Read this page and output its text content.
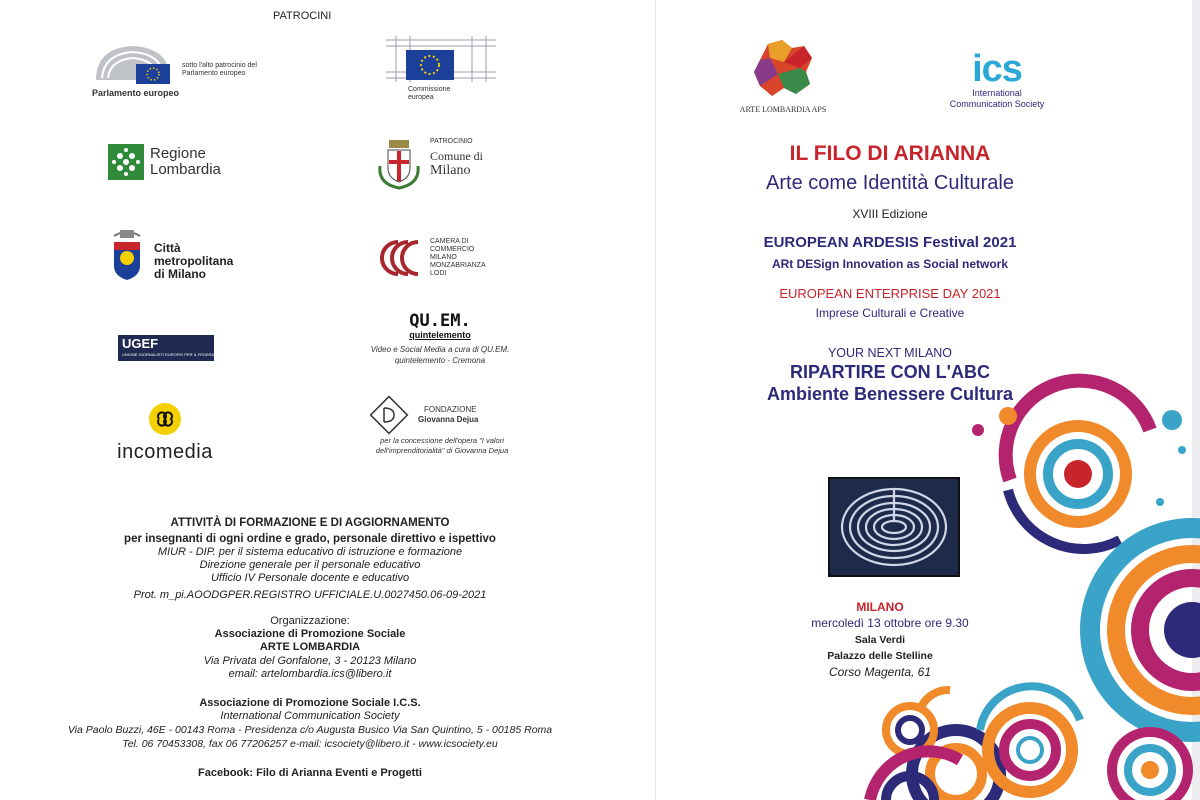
PATROCINI
Parlamento europeo
sotto l'alto patrocinio del Parlamento europeo
Commissione europea
Regione
Lombardia
PATROCINIO
Comune di
Milano
Città
metropolitana
di Milano
CAMERA DI
COMMERCIO
MILANO
MONZABRIANZA
LODI
UGEF
UNIONE GIORNALISTI EUROPEI PER IL FEDERALISMO
QU.EM.
quintelemento
Video e Social Media a cura di QU.EM. quintelemento - Cremona
incomedia
FONDAZIONE
Giovanna Dejua
per la concessione dell'opera "I valori dell'imprenditorialità" di Giovanna Dejua
ATTIVITÀ DI FORMAZIONE E DI AGGIORNAMENTO
per insegnanti di ogni ordine e grado, personale direttivo e ispettivo
MIUR - DIP. per il sistema educativo di istruzione e formazione
Direzione generale per il personale educativo
Ufficio IV Personale docente e educativo
Prot. m_pi.AOODGPER.REGISTRO UFFICIALE.U.0027450.06-09-2021
Organizzazione:
Associazione di Promozione Sociale
ARTE LOMBARDIA
Via Privata del Gonfalone, 3 - 20123 Milano
email: artelombardia.ics@libero.it
Associazione di Promozione Sociale I.C.S.
International Communication Society
Via Paolo Buzzi, 46E - 00143 Roma - Presidenza c/o Augusta Busico Via San Quintino, 5 - 00185 Roma
Tel. 06 70453308, fax 06 77206257 e-mail: icsociety@libero.it - www.icsociety.eu
Facebook: Filo di Arianna Eventi e Progetti
ARTE LOMBARDIA APS
ics
International
Communication Society
IL FILO DI ARIANNA
Arte come Identità Culturale
XVIII Edizione
EUROPEAN ARDESIS Festival 2021
ARt DESign Innovation as Social network
EUROPEAN ENTERPRISE DAY 2021
Imprese Culturali e Creative
YOUR NEXT MILANO
RIPARTIRE CON L'ABC
Ambiente Benessere Cultura
MILANO
mercoledì 13 ottobre ore 9.30
Sala Verdi
Palazzo delle Stelline
Corso Magenta, 61
